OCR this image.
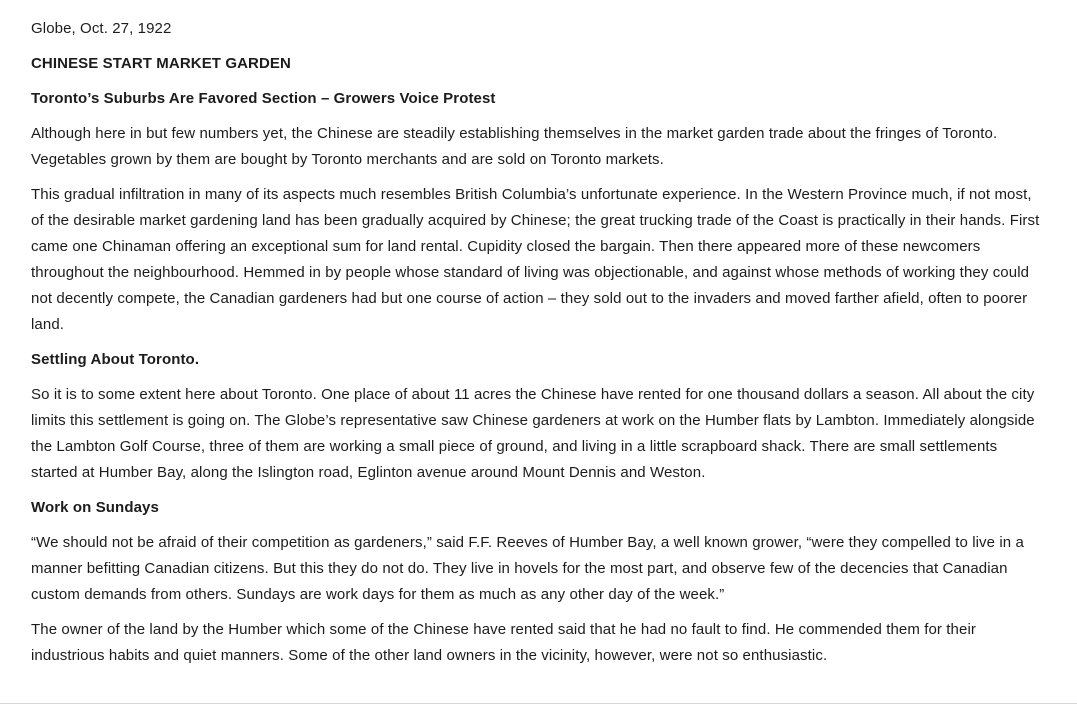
Globe, Oct. 27, 1922

CHINESE START MARKET GARDEN

Toronto’s Suburbs Are Favored Section – Growers Voice Protest

Although here in but few numbers yet, the Chinese are steadily establishing themselves in the market garden trade about the fringes of Toronto. Vegetables grown by them are bought by Toronto merchants and are sold on Toronto markets.

This gradual infiltration in many of its aspects much resembles British Columbia’s unfortunate experience. In the Western Province much, if not most, of the desirable market gardening land has been gradually acquired by Chinese; the great trucking trade of the Coast is practically in their hands. First came one Chinaman offering an exceptional sum for land rental. Cupidity closed the bargain. Then there appeared more of these newcomers throughout the neighbourhood. Hemmed in by people whose standard of living was objectionable, and against whose methods of working they could not decently compete, the Canadian gardeners had but one course of action – they sold out to the invaders and moved farther afield, often to poorer land.

Settling About Toronto.

So it is to some extent here about Toronto. One place of about 11 acres the Chinese have rented for one thousand dollars a season. All about the city limits this settlement is going on. The Globe’s representative saw Chinese gardeners at work on the Humber flats by Lambton. Immediately alongside the Lambton Golf Course, three of them are working a small piece of ground, and living in a little scrapboard shack. There are small settlements started at Humber Bay, along the Islington road, Eglinton avenue around Mount Dennis and Weston.

Work on Sundays

“We should not be afraid of their competition as gardeners,” said F.F. Reeves of Humber Bay, a well known grower, “were they compelled to live in a manner befitting Canadian citizens. But this they do not do. They live in hovels for the most part, and observe few of the decencies that Canadian custom demands from others. Sundays are work days for them as much as any other day of the week.”

The owner of the land by the Humber which some of the Chinese have rented said that he had no fault to find. He commended them for their industrious habits and quiet manners. Some of the other land owners in the vicinity, however, were not so enthusiastic.
